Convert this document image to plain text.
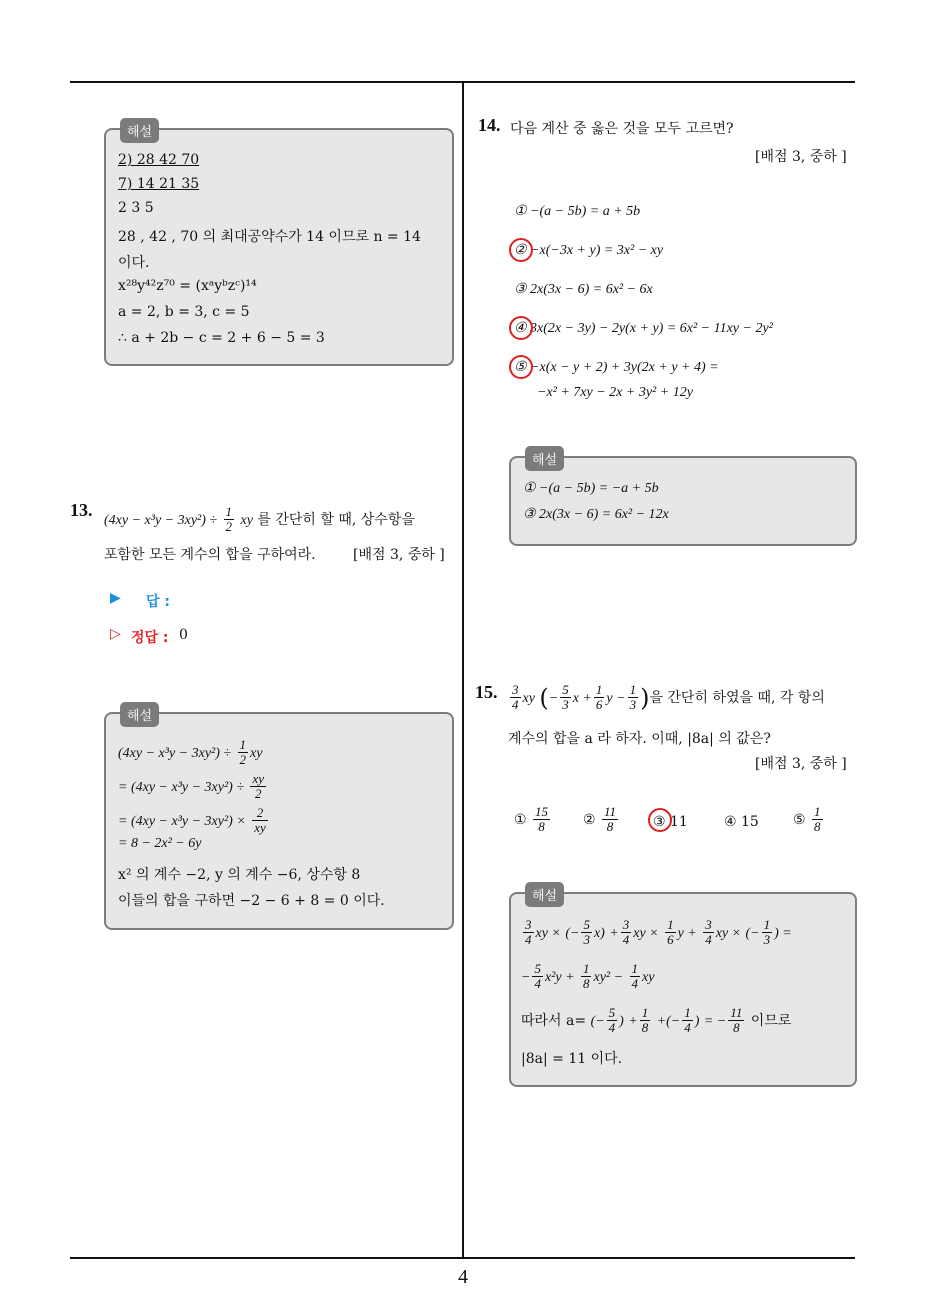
해설
2) 28 42 70
7) 14 21 35
2 3 5
28 , 42 , 70 의 최대공약수가 14 이므로 n = 14
이다.
x²⁸y⁴²z⁷⁰ = (xᵃyᵇzᶜ)¹⁴
a = 2, b = 3, c = 5
∴ a + 2b − c = 2 + 6 − 5 = 3
13.
$(4xy - x^3y - 3xy^2) \div \frac{1}{2}$ xy 를 간단히 할 때, 상수항을
포함한 모든 계수의 합을 구하여라.	[배점 3, 중하 ]
▶ 답 :
▷ 정답 : 0
해설
$(4xy - x^3y - 3xy^2) \div \frac{1}{2}$ xy
= $(4xy - x^3y - 3xy^2) \div \frac{xy}{2}$
= $(4xy - x^3y - 3xy^2) \times \frac{2}{xy}$
= 8 − 2x² − 6y
x² 의 계수 −2, y 의 계수 −6, 상수항 8
이들의 합을 구하면 −2 − 6 + 8 = 0 이다.
14. 다음 계산 중 옳은 것을 모두 고르면?
[배점 3, 중하 ]
① −(a − 5b) = a + 5b
② −x(−3x + y) = 3x² − xy
③ 2x(3x − 6) = 6x² − 6x
④ 3x(2x − 3y) − 2y(x + y) = 6x² − 11xy − 2y²
⑤ −x(x − y + 2) + 3y(2x + y + 4) =
−x² + 7xy − 2x + 3y² + 12y
해설
① −(a − 5b) = −a + 5b
③ 2x(3x − 6) = 6x² − 12x
15. $\frac{3}{4}$ xy (− $\frac{5}{3}$ $x + \frac{1}{6}$ $y - \frac{1}{3}$ )을 간단히 하였을 때, 각 항의
계수의 합을 a 라 하자. 이때, |8a| 의 값은?
[배점 3, 중하 ]
① $\frac{15}{8}$ ② $\frac{11}{8}$ ③ 11	④ 15 ⑤ $\frac{1}{8}$
해설
$\frac{3}{4}$ xy × (− $\frac{5}{3} x) + \frac{3}{4}$ xy × $\frac{1}{6}$ $y + \frac{3}{4}$ xy × (− $\frac{1}{3}$ ) =
− $\frac{5}{4} x^2y + \frac{1}{8} xy^2 - \frac{1}{4}$ xy
따라서 a= (− $\frac{5}{4}$ ) + $\frac{1}{8}$ +(− $\frac{1}{4}$ ) = − $\frac{11}{8}$ 이므로
|8a| = 11 이다.
4
